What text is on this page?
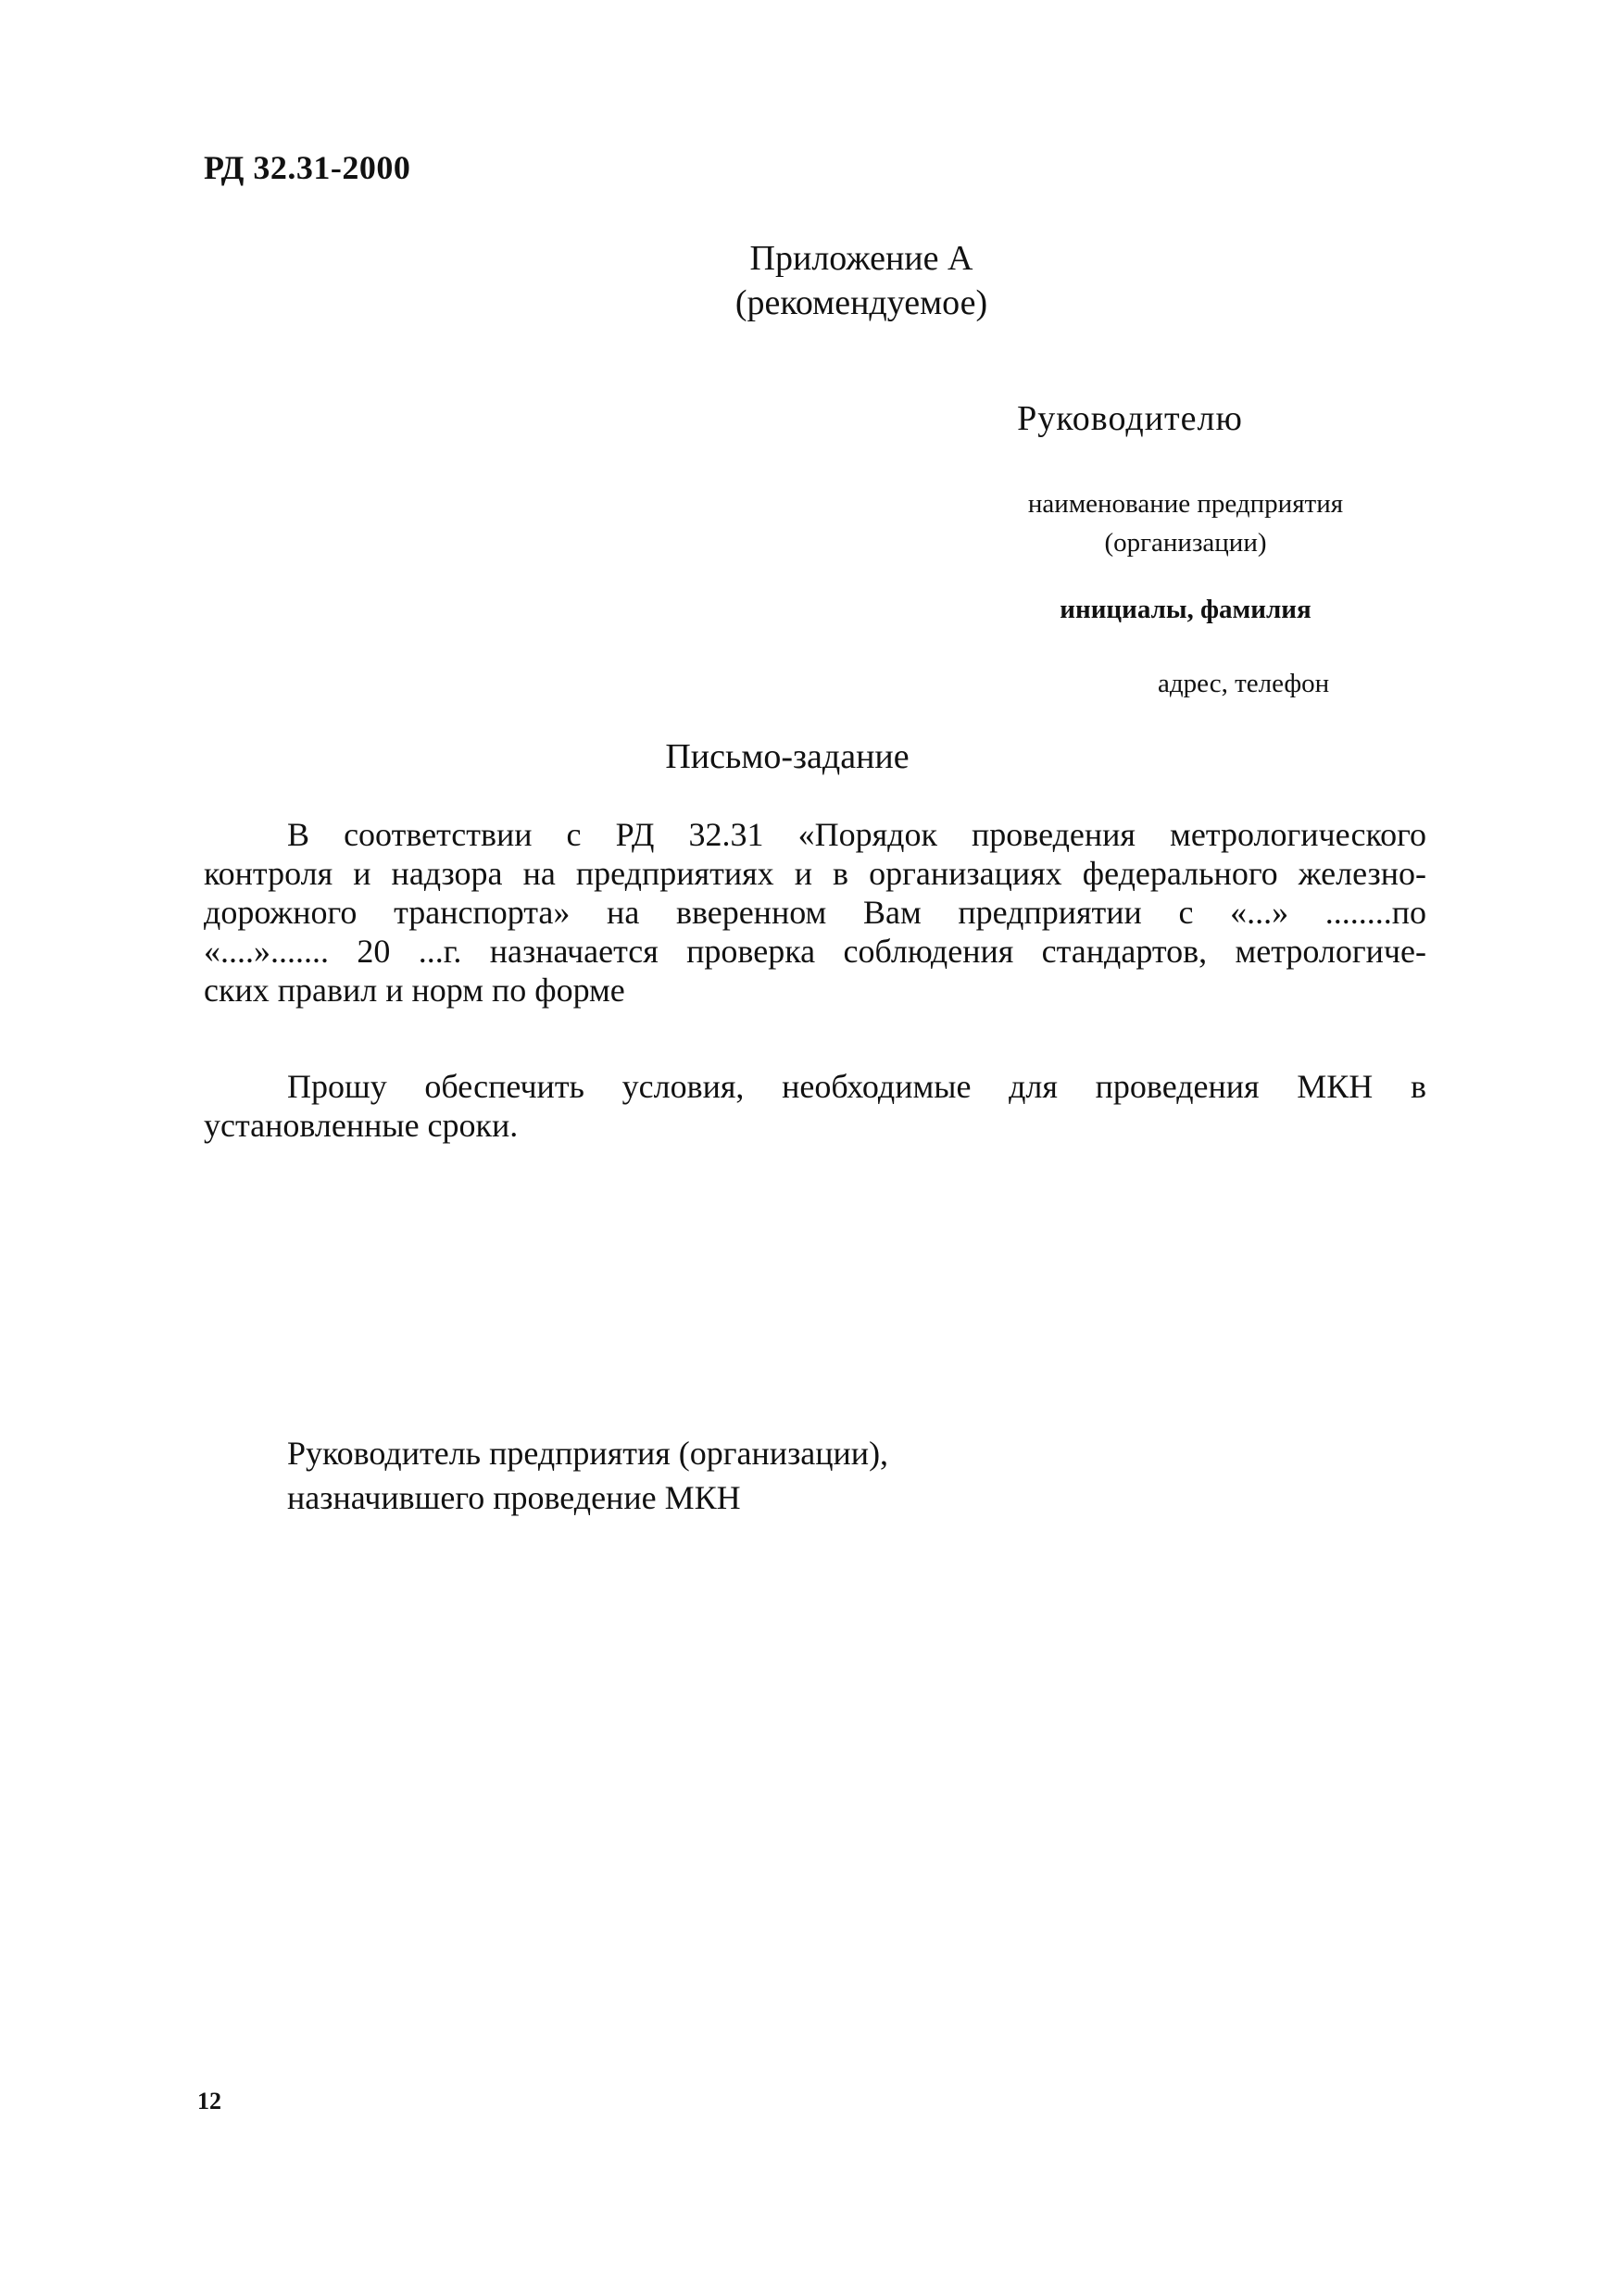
РД 32.31-2000
Приложение А
(рекомендуемое)
Руководителю
наименование предприятия
(организации)
инициалы, фамилия
адрес, телефон
Письмо-задание
В соответствии с РД 32.31 «Порядок проведения метрологического
контроля и надзора на предприятиях и в организациях федерального железно-
дорожного транспорта» на вверенном Вам предприятии с «...» ........по
«....»....... 20 ...г. назначается проверка соблюдения стандартов, метрологиче-
ских правил и норм по форме
Прошу обеспечить условия, необходимые для проведения МКН в
установленные сроки.
Руководитель предприятия (организации),
назначившего проведение МКН
12
